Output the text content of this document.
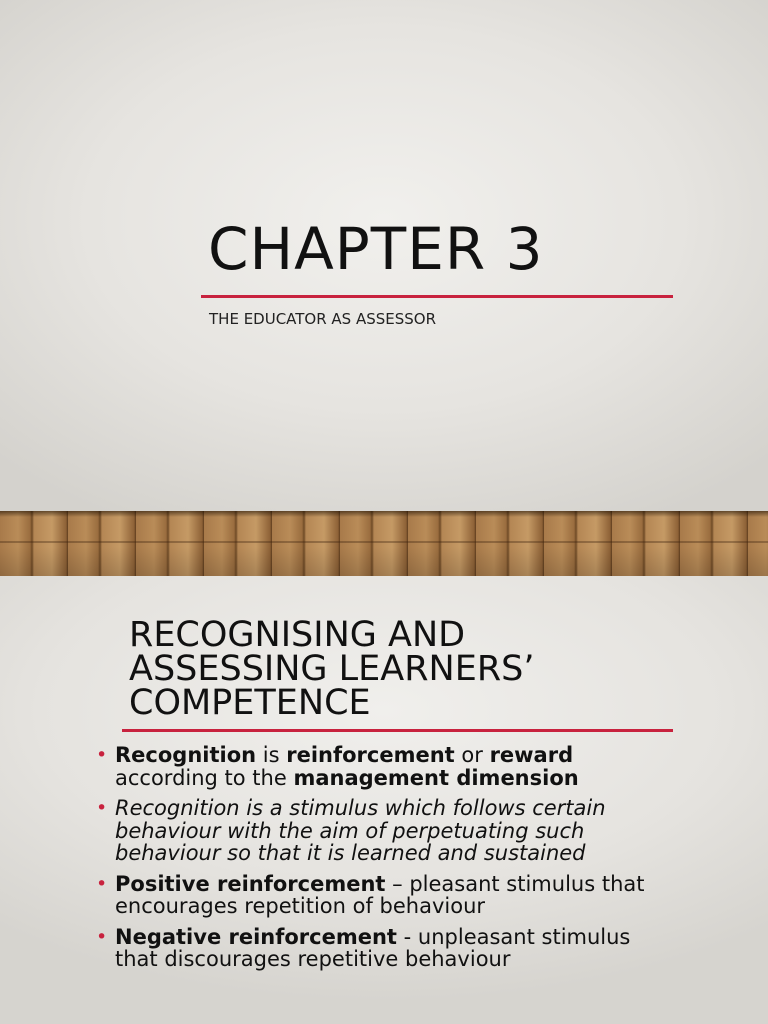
CHAPTER 3
THE EDUCATOR AS ASSESSOR
RECOGNISING AND
ASSESSING LEARNERS’
COMPETENCE
• Recognition is reinforcement or reward according to the management dimension
• Recognition is a stimulus which follows certain behaviour with the aim of perpetuating such behaviour so that it is learned and sustained
• Positive reinforcement – pleasant stimulus that encourages repetition of behaviour
• Negative reinforcement - unpleasant stimulus that discourages repetitive behaviour
